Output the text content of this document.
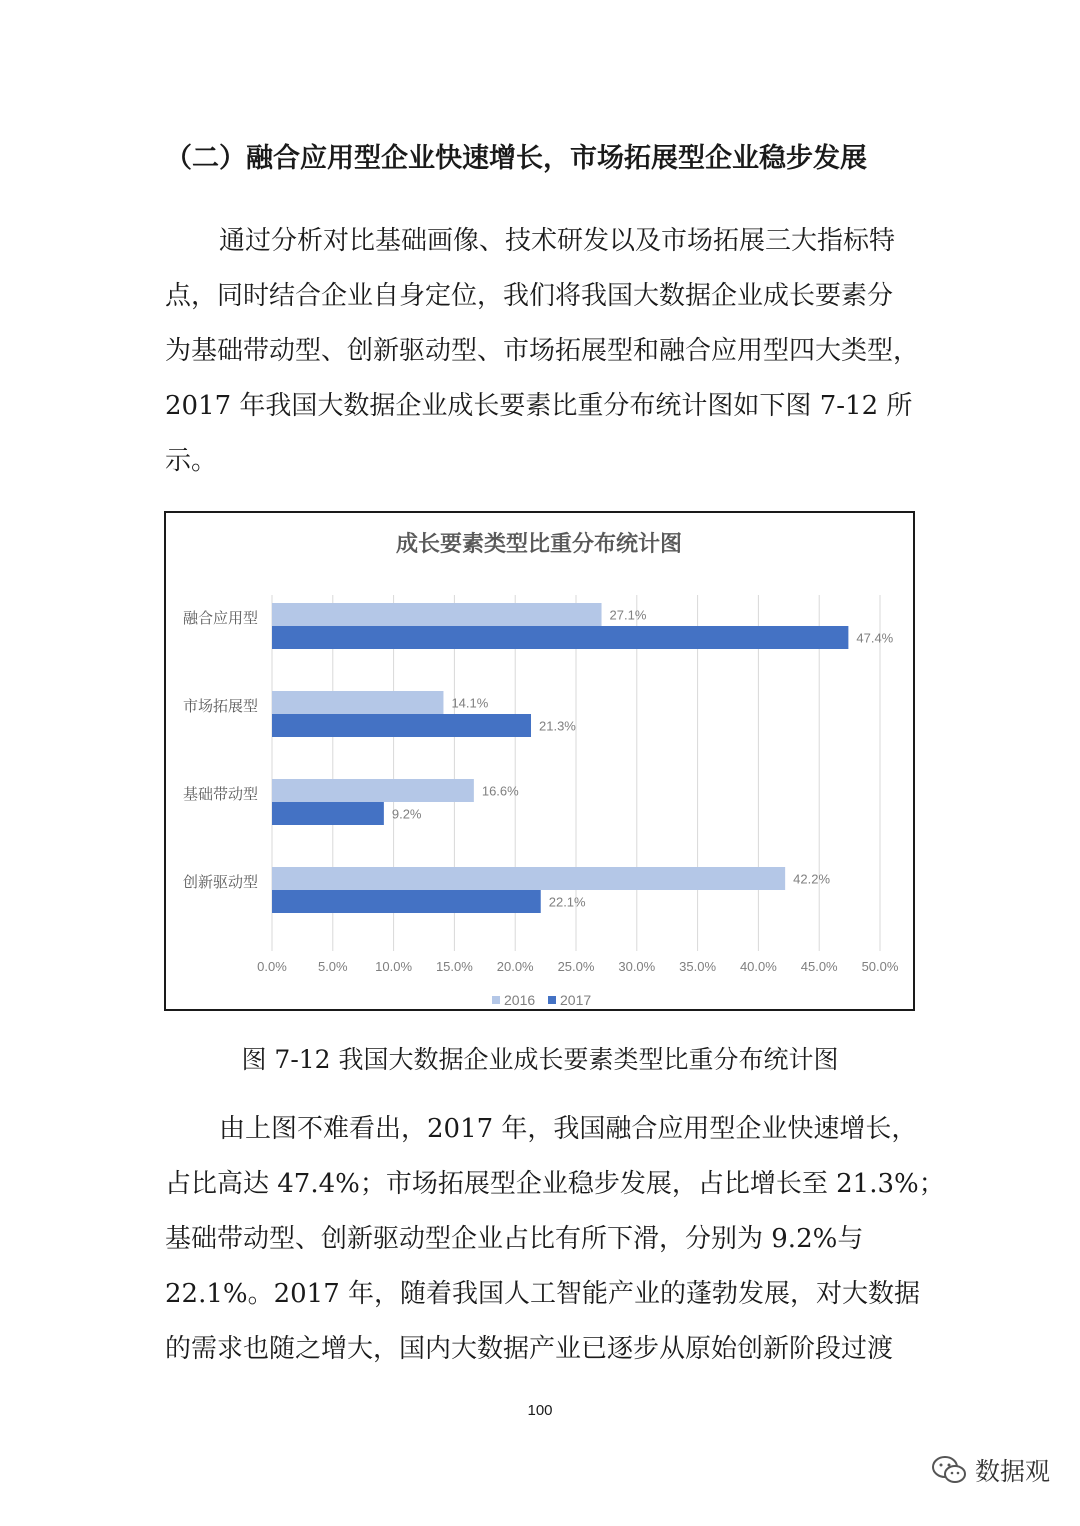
（二）融合应用型企业快速增长，市场拓展型企业稳步发展
通过分析对比基础画像、技术研发以及市场拓展三大指标特
点，同时结合企业自身定位，我们将我国大数据企业成长要素分
为基础带动型、创新驱动型、市场拓展型和融合应用型四大类型，
2017 年我国大数据企业成长要素比重分布统计图如下图 7-12 所
示。
成长要素类型比重分布统计图
0.0% 5.0% 10.0% 15.0% 20.0% 25.0% 30.0% 35.0% 40.0% 45.0% 50.0%
融合应用型	27.1%
47.4%
市场拓展型	14.1%
21.3%
基础带动型	16.6%
9.2%
创新驱动型	42.2%
22.1%
2016 2017

图 7-12 我国大数据企业成长要素类型比重分布统计图

由上图不难看出，2017 年，我国融合应用型企业快速增长，
占比高达 47.4%；市场拓展型企业稳步发展，占比增长至 21.3%；
基础带动型、创新驱动型企业占比有所下滑，分别为 9.2%与
22.1%。2017 年，随着我国人工智能产业的蓬勃发展，对大数据
的需求也随之增大，国内大数据产业已逐步从原始创新阶段过渡

100

数据观
